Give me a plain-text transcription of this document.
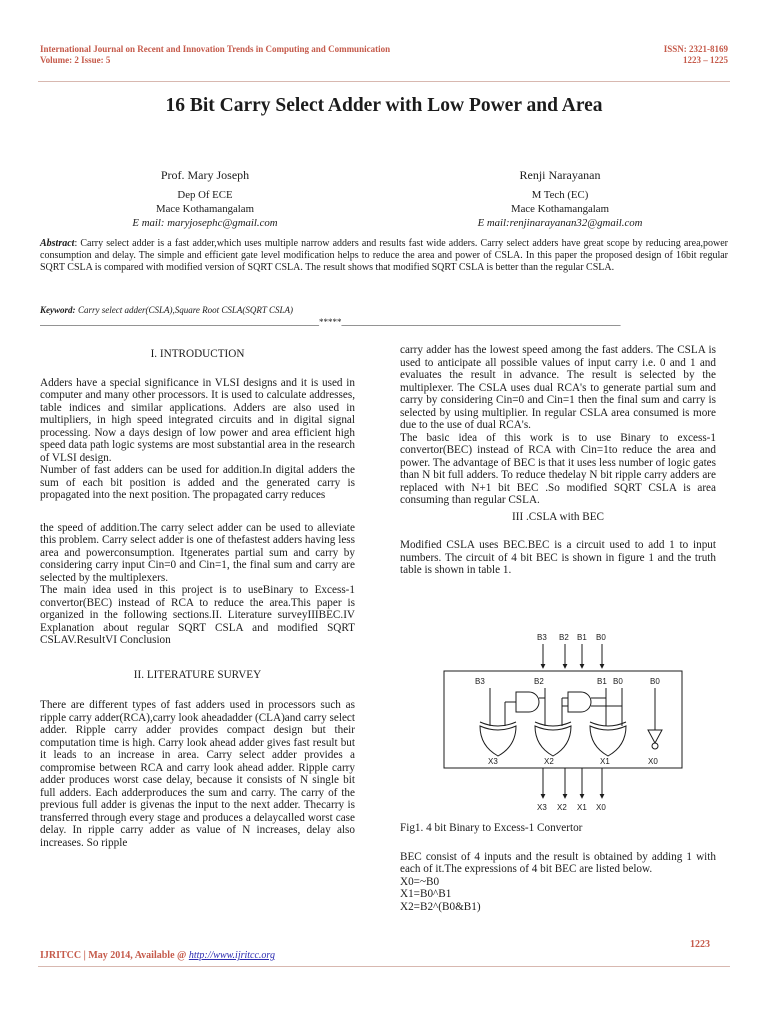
International Journal on Recent and Innovation Trends in Computing and Communication
Volume: 2 Issue: 5
ISSN: 2321-8169
1223 – 1225
16 Bit Carry Select Adder with Low Power and Area
Prof. Mary Joseph
Dep Of ECE
Mace Kothamangalam
E mail: maryjosephc@gmail.com
Renji Narayanan
M Tech (EC)
Mace Kothamangalam
E mail:renjinarayanan32@gmail.com
Abstract: Carry select adder is a fast adder,which uses multiple narrow adders and results fast wide adders. Carry select adders have great scope by reducing area,power consumption and delay. The simple and efficient gate level modification helps to reduce the area and power of CSLA. In this paper the proposed design of 16bit regular SQRT CSLA is compared with modified version of SQRT CSLA. The result shows that modified SQRT CSLA is better than the regular CSLA.
Keyword: Carry select adder(CSLA),Square Root CSLA(SQRT CSLA)
______________________________________________________________*****______________________________________________________________

I. INTRODUCTION

Adders have a special significance in VLSI designs and it is used in computer and many other processors. It is used to calculate addresses, table indices and similar applications. Adders are also used in multipliers, in high speed integrated circuits and in digital signal processing. Now a days design of low power and area efficient high speed data path logic systems are most substantial area in the research of VLSI design.

Number of fast adders can be used for addition.In digital adders the sum of each bit position is added and the generated carry is propagated into the next position. The propagated carry reduces

the speed of addition.The carry select adder can be used to alleviate this problem. Carry select adder is one of thefastest adders having less area and powerconsumption. Itgenerates partial sum and carry by considering carry input Cin=0 and Cin=1, the final sum and carry are selected by the multiplexers.

The main idea used in this project is to useBinary to Excess-1 convertor(BEC) instead of RCA to reduce the area.This paper is organized in the following sections.II. Literature surveyIIIBEC.IV Explanation about regular SQRT CSLA and modified SQRT CSLAV.ResultVI Conclusion

II. LITERATURE SURVEY

There are different types of fast adders used in processors such as ripple carry adder(RCA),carry look aheadadder (CLA)and carry select adder. Ripple carry adder provides compact design but their computation time is high. Carry look ahead adder gives fast result but it leads to an increase in area. Carry select adder provides a compromise between RCA and carry look ahead adder. Ripple carry adder produces worst case delay, because it consists of N single bit full adders. Each adderproduces the sum and carry. The carry of the previous full adder is givenas the input to the next adder. Thecarry is transferred through every stage and produces a delaycalled worst case delay. In ripple carry adder as value of N increases, delay also increases. So ripple

carry adder has the lowest speed among the fast adders. The CSLA is used to anticipate all possible values of input carry i.e. 0 and 1 and evaluates the result in advance. The result is selected by the multiplexer. The CSLA uses dual RCA's to generate partial sum and carry by considering Cin=0 and Cin=1 then the final sum and carry is selected by using multiplier. In regular CSLA area consumed is more due to the use of dual RCA's.

The basic idea of this work is to use Binary to excess-1 convertor(BEC) instead of RCA with Cin=1to reduce the area and power. The advantage of BEC is that it uses less number of logic gates than N bit full adders. To reduce thedelay N bit ripple carry adders are replaced with N+1 bit BEC .So modified SQRT CSLA is area consuming than regular CSLA.

III .CSLA with BEC

Modified CSLA uses BEC.BEC is a circuit used to add 1 to input numbers. The circuit of 4 bit BEC is shown in figure 1 and the truth table is shown in table 1.

B3 B2 B1 B0
B3	B2	B1 B0	B0
X3	X2	X1	X0
X3 X2 X1 X0

Fig1. 4 bit Binary to Excess-1 Convertor

BEC consist of 4 inputs and the result is obtained by adding 1 with each of it.The expressions of 4 bit BEC are listed below.

X0=~B0

X1=B0^B1

X2=B2^(B0&B1)

1223
IJRITCC | May 2014, Available @ http://www.ijritcc.org
